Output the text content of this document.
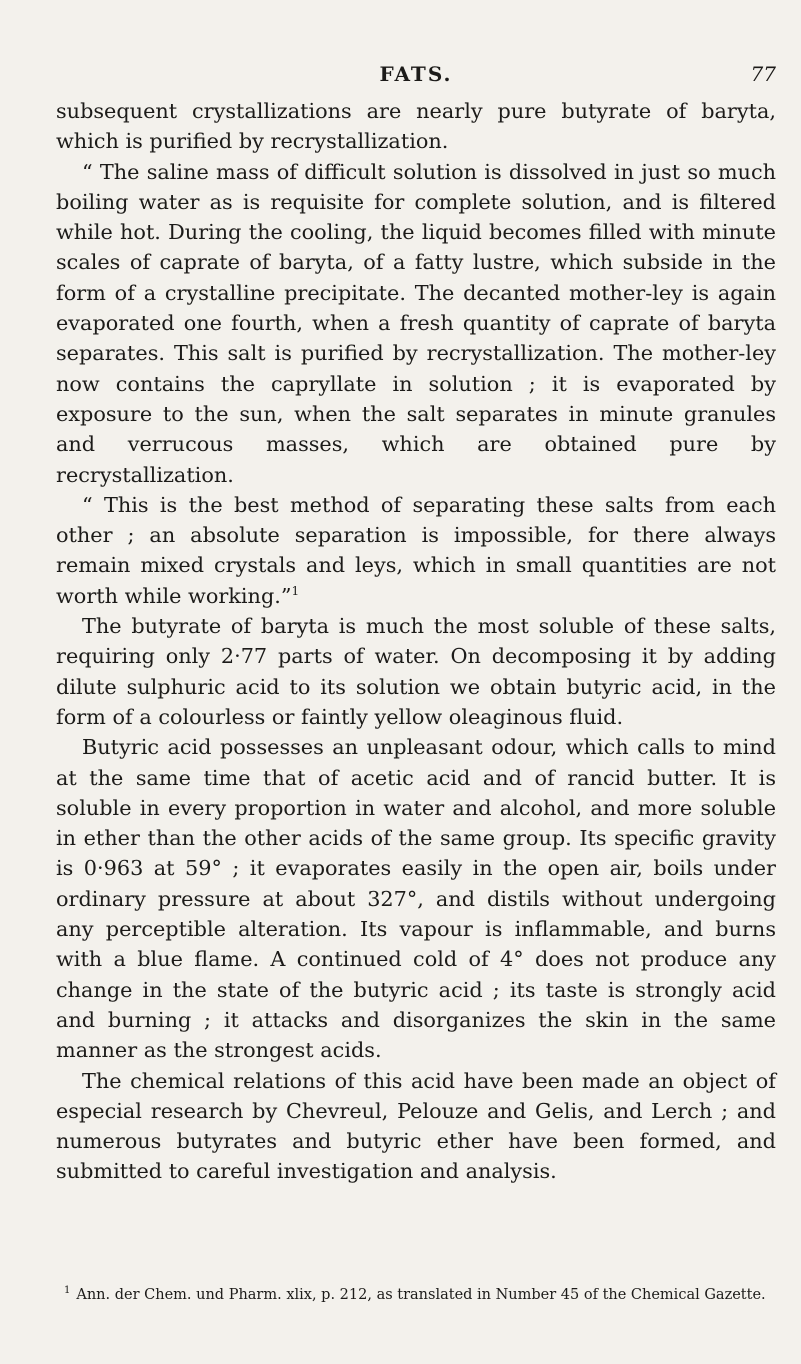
FATS.	77

subsequent crystallizations are nearly pure butyrate of baryta, which is purified by recrystallization.

“ The saline mass of difficult solution is dissolved in just so much boiling water as is requisite for complete solution, and is filtered while hot. During the cooling, the liquid becomes filled with minute scales of caprate of baryta, of a fatty lustre, which subside in the form of a crystalline precipitate. The decanted mother-ley is again evaporated one fourth, when a fresh quantity of caprate of baryta separates. This salt is purified by recrystallization. The mother-ley now contains the capryllate in solution ; it is evaporated by exposure to the sun, when the salt separates in minute granules and verrucous masses, which are obtained pure by recrystallization.

“ This is the best method of separating these salts from each other ; an absolute separation is impossible, for there always remain mixed crystals and leys, which in small quantities are not worth while working.”$^1$

The butyrate of baryta is much the most soluble of these salts, requiring only 2·77 parts of water. On decomposing it by adding dilute sulphuric acid to its solution we obtain butyric acid, in the form of a colourless or faintly yellow oleaginous fluid.

Butyric acid possesses an unpleasant odour, which calls to mind at the same time that of acetic acid and of rancid butter. It is soluble in every proportion in water and alcohol, and more soluble in ether than the other acids of the same group. Its specific gravity is 0·963 at 59° ; it evaporates easily in the open air, boils under ordinary pressure at about 327°, and distils without undergoing any perceptible alteration. Its vapour is inflammable, and burns with a blue flame. A continued cold of 4° does not produce any change in the state of the butyric acid ; its taste is strongly acid and burning ; it attacks and disorganizes the skin in the same manner as the strongest acids.

The chemical relations of this acid have been made an object of especial research by Chevreul, Pelouze and Gelis, and Lerch ; and numerous butyrates and butyric ether have been formed, and submitted to careful investigation and analysis.

$^1$ Ann. der Chem. und Pharm. xlix, p. 212, as translated in Number 45 of the Chemical Gazette.
